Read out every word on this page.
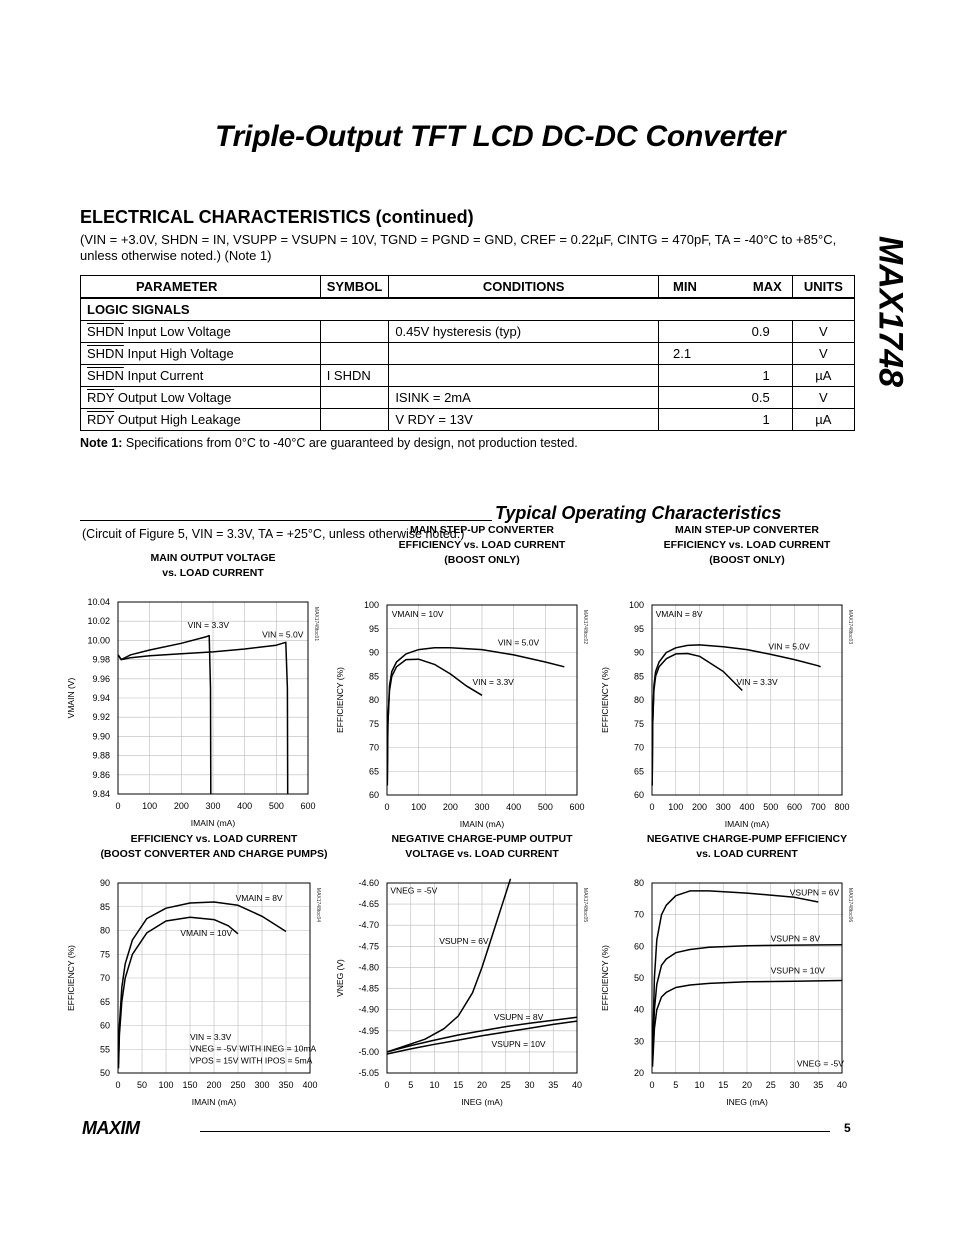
Triple-Output TFT LCD DC-DC Converter
MAX1748
ELECTRICAL CHARACTERISTICS (continued)
(VIN = +3.0V, SHDN = IN, VSUPP = VSUPN = 10V, TGND = PGND = GND, CREF = 0.22µF, CINTG = 470pF, TA = -40°C to +85°C,
unless otherwise noted.) (Note 1)
PARAMETER	SYMBOL	CONDITIONS	MIN	MAX	UNITS
LOGIC SIGNALS					
SHDN Input Low Voltage		0.45V hysteresis (typ)		0.9	V
SHDN Input High Voltage			2.1		V
SHDN Input Current	I SHDN			1	µA
$\overline{RDY}$ Output Low Voltage		ISINK = 2mA		0.5	V
$\overline{RDY}$ Output High Leakage		V RDY = 13V		1	µA
Note 1: Specifications from 0°C to -40°C are guaranteed by design, not production tested.
Typical Operating Characteristics
(Circuit of Figure 5, VIN = 3.3V, TA = +25°C, unless otherwise noted.)
MAIN OUTPUT VOLTAGE
vs. LOAD CURRENT
0 100 200 300 400 500 600
9.84
9.86
9.88
9.90
9.92
9.94
9.96
9.98
10.00
10.02
10.04
IMAIN (mA)
VMAIN (V)
MAX1748toc01
VIN = 3.3V
VIN = 5.0V
MAIN STEP-UP CONVERTER
EFFICIENCY vs. LOAD CURRENT
(BOOST ONLY)
0 100 200 300 400 500 600
60
65
70
75
80
85
90
95
100
IMAIN (mA)
EFFICIENCY (%)
MAX1748toc02
VMAIN = 10V
VIN = 5.0V
VIN = 3.3V
MAIN STEP-UP CONVERTER
EFFICIENCY vs. LOAD CURRENT
(BOOST ONLY)
0 100 200 300 400 500 600 700 800
60
65
70
75
80
85
90
95
100
IMAIN (mA)
EFFICIENCY (%)
MAX1748toc03
VMAIN = 8V
VIN = 5.0V
VIN = 3.3V
EFFICIENCY vs. LOAD CURRENT
(BOOST CONVERTER AND CHARGE PUMPS)
0 50 100 150 200 250 300 350 400
50
55
60
65
70
75
80
85
90
IMAIN (mA)
EFFICIENCY (%)
MAX1748toc04
VMAIN = 8V
VMAIN = 10V
VIN = 3.3V
VNEG = -5V WITH INEG = 10mA
VPOS = 15V WITH IPOS = 5mA
NEGATIVE CHARGE-PUMP OUTPUT
VOLTAGE vs. LOAD CURRENT
0 5 10 15 20 25 30 35 40
-5.05
-5.00
-4.95
-4.90
-4.85
-4.80
-4.75
-4.70
-4.65
-4.60
INEG (mA)
VNEG (V)
MAX1748toc05
VNEG = -5V
VSUPN = 6V
VSUPN = 8V
VSUPN = 10V
NEGATIVE CHARGE-PUMP EFFICIENCY
vs. LOAD CURRENT
0 5 10 15 20 25 30 35 40
20
30
40
50
60
70
80
INEG (mA)
EFFICIENCY (%)
MAX1748toc06
VSUPN = 6V
VSUPN = 8V
VSUPN = 10V
VNEG = -5V
MAXIM	5
